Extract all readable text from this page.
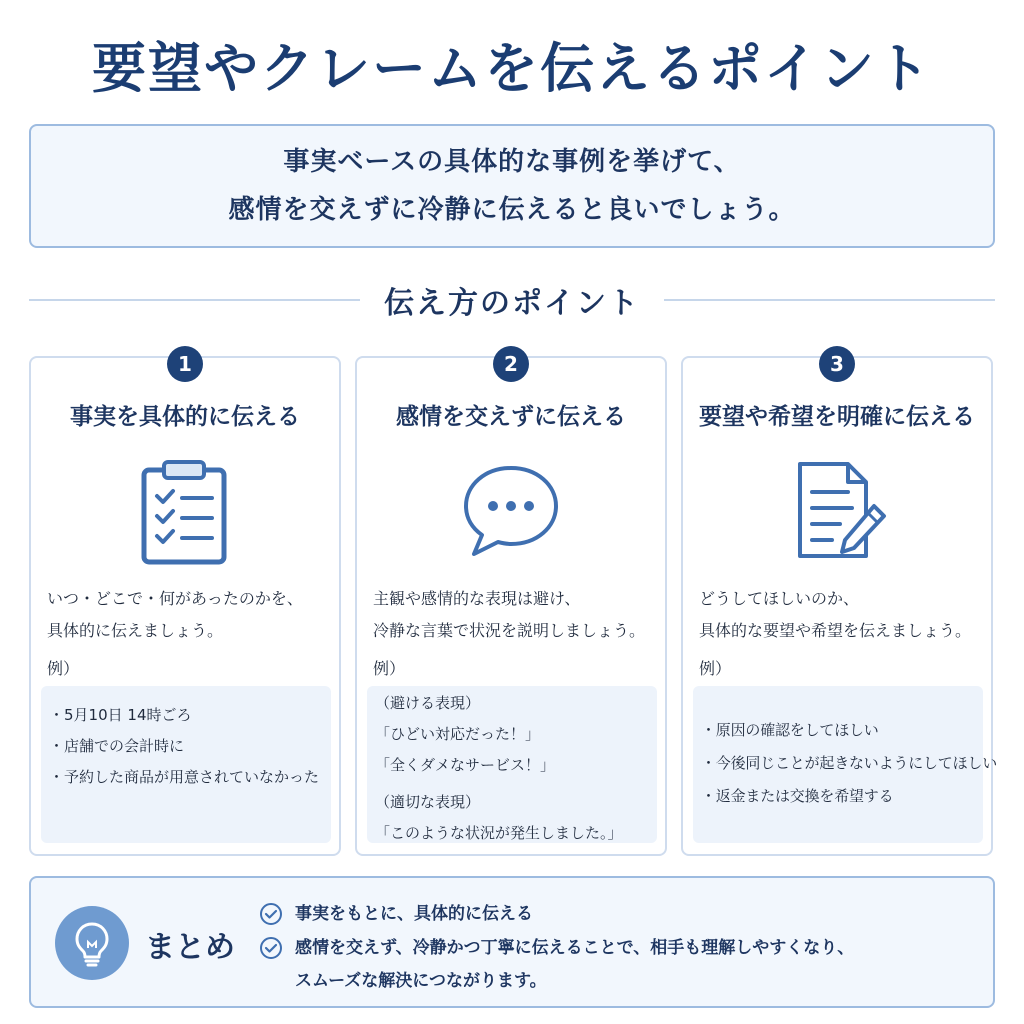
要望やクレームを伝えるポイント
事実ベースの具体的な事例を挙げて、
感情を交えずに冷静に伝えると良いでしょう。
伝え方のポイント
1
事実を具体的に伝える
いつ・どこで・何があったのかを、
具体的に伝えましょう。
例）
・5月10日 14時ごろ
・店舗での会計時に
・予約した商品が用意されていなかった
2
感情を交えずに伝える
主観や感情的な表現は避け、
冷静な言葉で状況を説明しましょう。
例）
（避ける表現）
「ひどい対応だった！」
「全くダメなサービス！」
（適切な表現）
「このような状況が発生しました。」
3
要望や希望を明確に伝える
どうしてほしいのか、
具体的な要望や希望を伝えましょう。
例）
・原因の確認をしてほしい
・今後同じことが起きないようにしてほしい
・返金または交換を希望する
まとめ
事実をもとに、具体的に伝える
感情を交えず、冷静かつ丁寧に伝えることで、相手も理解しやすくなり、
スムーズな解決につながります。
